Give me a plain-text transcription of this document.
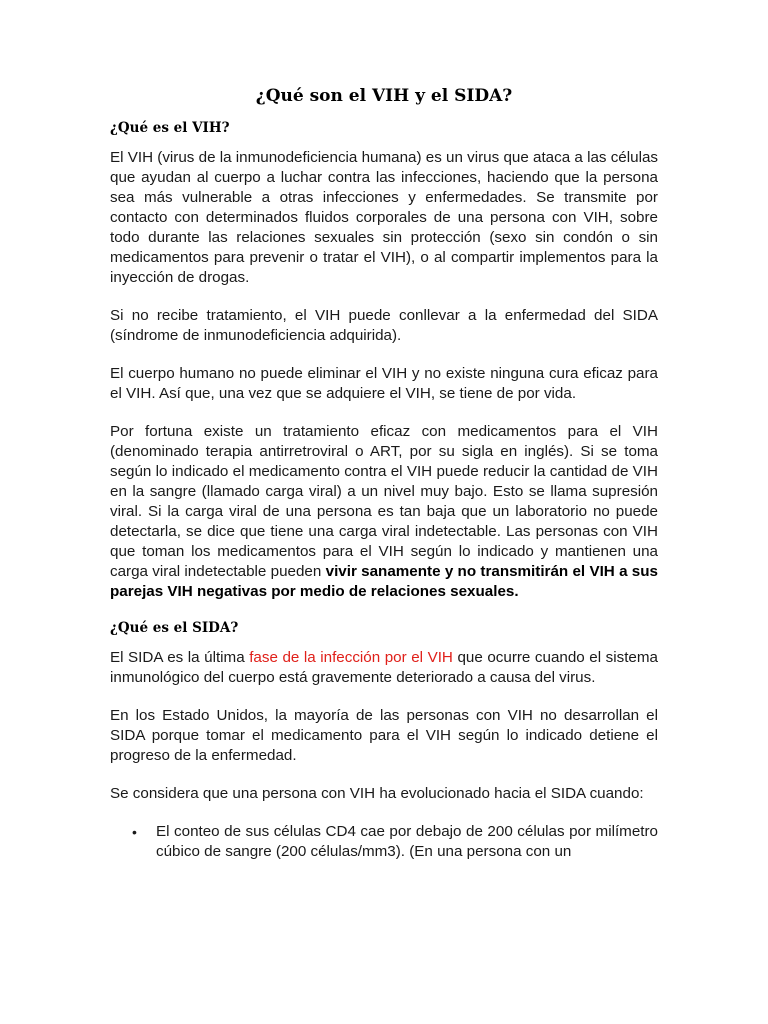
¿Qué son el VIH y el SIDA?
¿Qué es el VIH?

El VIH (virus de la inmunodeficiencia humana) es un virus que ataca a las células que ayudan al cuerpo a luchar contra las infecciones, haciendo que la persona sea más vulnerable a otras infecciones y enfermedades. Se transmite por contacto con determinados fluidos corporales de una persona con VIH, sobre todo durante las relaciones sexuales sin protección (sexo sin condón o sin medicamentos para prevenir o tratar el VIH), o al compartir implementos para la inyección de drogas.

Si no recibe tratamiento, el VIH puede conllevar a la enfermedad del SIDA (síndrome de inmunodeficiencia adquirida).

El cuerpo humano no puede eliminar el VIH y no existe ninguna cura eficaz para el VIH. Así que, una vez que se adquiere el VIH, se tiene de por vida.

Por fortuna existe un tratamiento eficaz con medicamentos para el VIH (denominado terapia antirretroviral o ART, por su sigla en inglés). Si se toma según lo indicado el medicamento contra el VIH puede reducir la cantidad de VIH en la sangre (llamado carga viral) a un nivel muy bajo. Esto se llama supresión viral. Si la carga viral de una persona es tan baja que un laboratorio no puede detectarla, se dice que tiene una carga viral indetectable. Las personas con VIH que toman los medicamentos para el VIH según lo indicado y mantienen una carga viral indetectable pueden vivir sanamente y no transmitirán el VIH a sus parejas VIH negativas por medio de relaciones sexuales.

¿Qué es el SIDA?

El SIDA es la última fase de la infección por el VIH que ocurre cuando el sistema inmunológico del cuerpo está gravemente deteriorado a causa del virus.

En los Estado Unidos, la mayoría de las personas con VIH no desarrollan el SIDA porque tomar el medicamento para el VIH según lo indicado detiene el progreso de la enfermedad.

Se considera que una persona con VIH ha evolucionado hacia el SIDA cuando:

• El conteo de sus células CD4 cae por debajo de 200 células por milímetro cúbico de sangre (200 células/mm3). (En una persona con un
